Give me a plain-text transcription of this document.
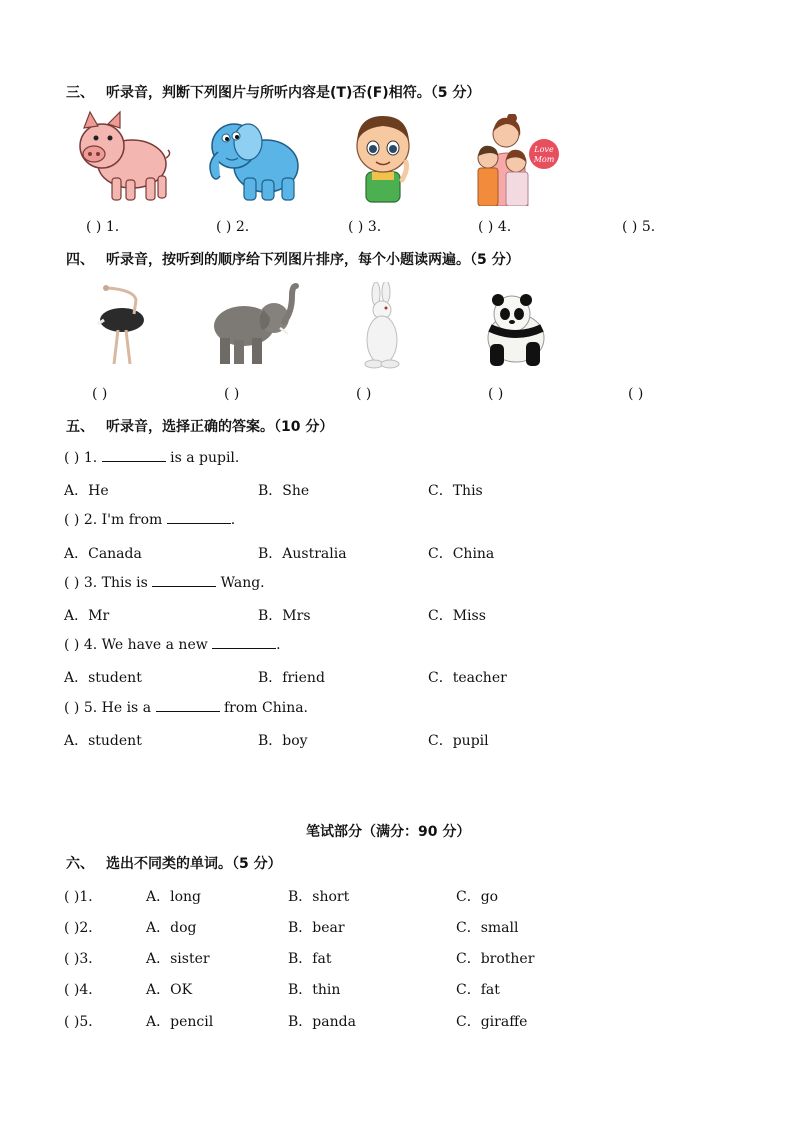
三、 听录音，判断下列图片与所听内容是(T)否(F)相符。（5 分）
Love
Mom
( ) 1.	( ) 2.	( ) 3.	( ) 4.	( ) 5.
四、 听录音，按听到的顺序给下列图片排序，每个小题读两遍。（5 分）
( )	( )	( )	( )	( )
五、 听录音，选择正确的答案。（10 分）
( ) 1.	is a pupil.
A．He	B．She	C．This
( ) 2. I'm from	.
A．Canada	B．Australia	C．China
( ) 3. This is	Wang.
A．Mr	B．Mrs	C．Miss
( ) 4. We have a new	.
A．student	B．friend	C．teacher
( ) 5. He is a	from China.
A．student	B．boy	C．pupil
笔试部分（满分：90 分）
六、 选出不同类的单词。（5 分）
( )1．	A．long	B．short	C．go
( )2．	A．dog	B．bear	C．small
( )3．	A．sister	B．fat	C．brother
( )4．	A．OK	B．thin	C．fat
( )5．	A．pencil	B．panda	C．giraffe
